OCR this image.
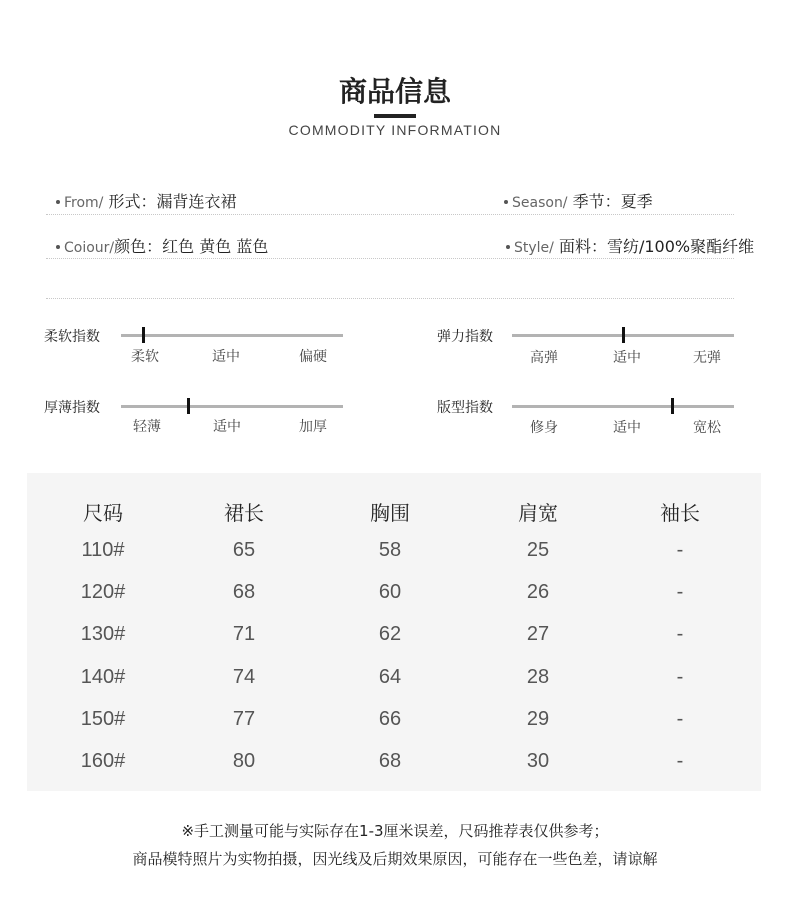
商品信息
COMMODITY INFORMATION
From/ 形式：漏背连衣裙	Season/ 季节：夏季
Coiour/颜色：红色 黄色 蓝色	Style/ 面料：雪纺/100%聚酯纤维
柔软指数
柔软	适中	偏硬
弹力指数
高弹	适中	无弹
厚薄指数
轻薄	适中	加厚
版型指数
修身	适中	宽松
尺码	裙长	胸围	肩宽	袖长
110#	65	58	25	-
120#	68	60	26	-
130#	71	62	27	-
140#	74	64	28	-
150#	77	66	29	-
160#	80	68	30	-
※手工测量可能与实际存在1-3厘米误差，尺码推荐表仅供参考；
商品模特照片为实物拍摄，因光线及后期效果原因，可能存在一些色差，请谅解
